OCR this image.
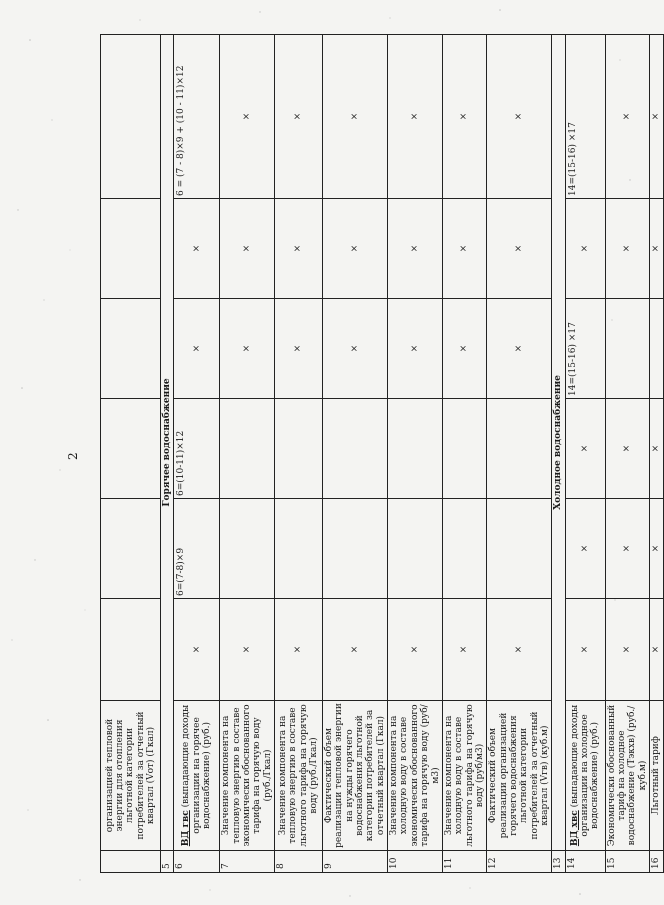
2
	организацией тепловой энергии для отопления льготной категории потребителей за отчетный квартал (Vот) (Гкал)						
5	Горячее водоснабжение						
6	ВД гвс (выпадающие доходы организации на горячее водоснабжение) (руб.)	×	6=(7-8)×9	6=(10-11)×12	×	×	6 = (7 - 8)×9 + (10 - 11)×12
7	Значение компонента на тепловую энергию в составе экономически обоснованного тарифа на горячую воду (руб./Гкал)	×			×	×	×
8	Значение компонента на тепловую энергию в составе льготного тарифа на горячую воду (руб./Гкал)	×			×	×	×
9	Фактический объем реализации тепловой энергии на нужды горячего водоснабжения льготной категории потребителей за отчетный квартал (Гкал)	×			×	×	×
10	Значение компонента на холодную воду в составе экономически обоснованного тарифа на горячую воду (руб/м3)	×			×	×	×
11	Значение компонента на холодную воду в составе льготного тарифа на горячую воду (руб/м3)	×			×	×	×
12	Фактический объем реализации организацией горячего водоснабжения льготной категории потребителей за отчетный квартал (Vгв) (куб.м)	×			×	×	×
13	Холодное водоснабжение						
14	ВД хвс (выпадающие доходы организации на холодное водоснабжение) (руб.)	×	×	×	14=(15-16) ×17	×	14=(15-16) ×17
15	Экономически обоснованный тариф на холодное водоснабжение (Тэкхв) (руб./куб.м)	×	×	×		×	×
16	Льготный тариф	×	×	×		×	×
